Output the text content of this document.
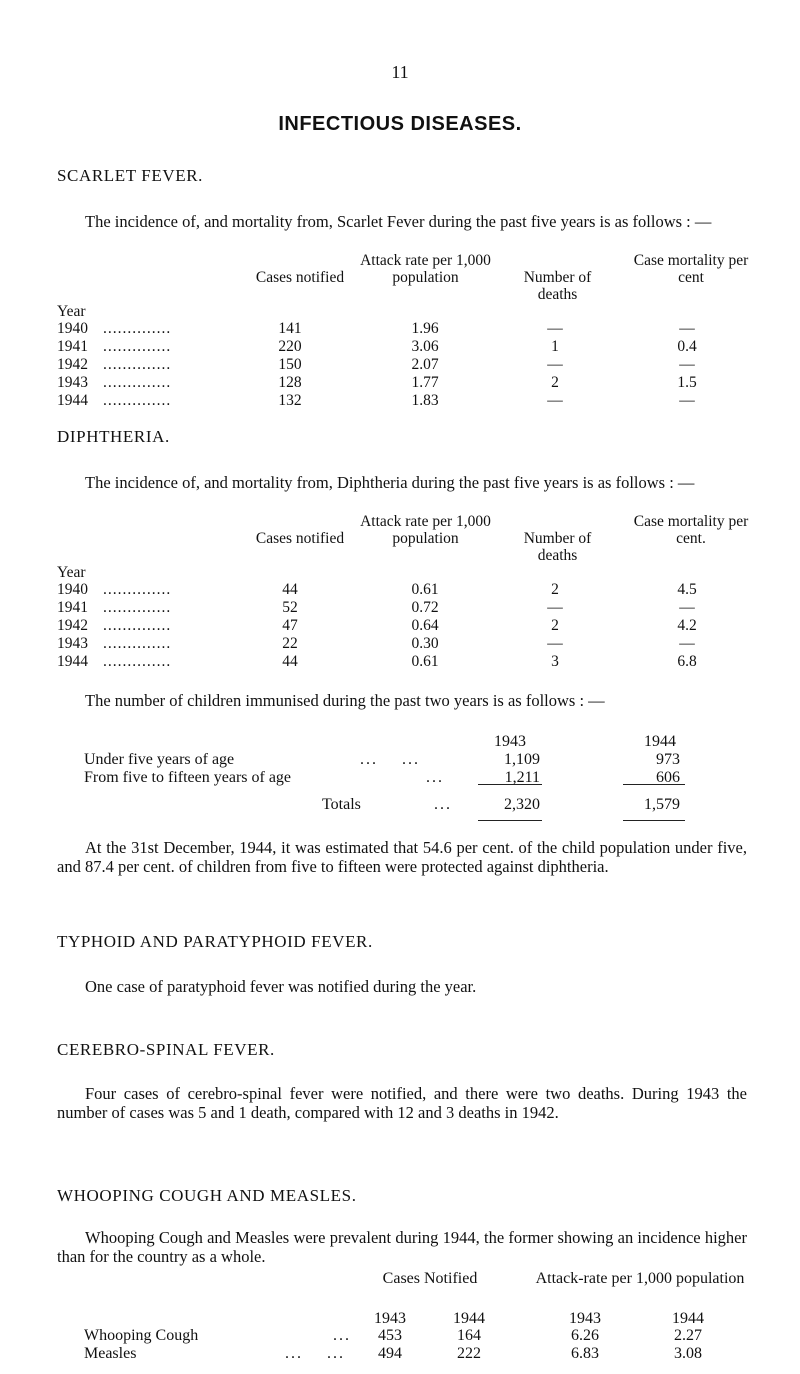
11
INFECTIOUS DISEASES.
SCARLET FEVER.
The incidence of, and mortality from, Scarlet Fever during the past five years is as follows : —
Year
Cases notified
Attack rate per 1,000 population	Number of deaths
Case mortality per cent
1940 ..............	141	1.96	—	—
1941 ..............	220	3.06	1	0.4
1942 ..............	150	2.07	—	—
1943 ..............	128	1.77	2	1.5
1944 ..............	132	1.83	—	—
DIPHTHERIA.
The incidence of, and mortality from, Diphtheria during the past five years is as follows : —
Year
Cases notified
Attack rate per 1,000 population	Number of deaths
Case mortality per cent.
1940 ..............	44	0.61	2	4.5
1941 ..............	52	0.72	—	—
1942 ..............	47	0.64	2	4.2
1943 ..............	22	0.30	—	—
1944 ..............	44	0.61	3	6.8
The number of children immunised during the past two years is as follows : —
1943	1944
Under five years of age	...    ...	1,109	973
From five to fifteen years of age	...	1,211	606
Totals	...	2,320	1,579
At the 31st December, 1944, it was estimated that 54.6 per cent. of the child population under five, and 87.4 per cent. of children from five to fifteen were protected against diphtheria.
TYPHOID AND PARATYPHOID FEVER.
One case of paratyphoid fever was notified during the year.
CEREBRO-SPINAL FEVER.
Four cases of cerebro-spinal fever were notified, and there were two deaths. During 1943 the number of cases was 5 and 1 death, compared with 12 and 3 deaths in 1942.
WHOOPING COUGH AND MEASLES.
Whooping Cough and Measles were prevalent during 1944, the former showing an incidence higher than for the country as a whole.
Cases Notified	Attack-rate per 1,000 population
1943	1944	1943	1944
Whooping Cough	...	453	164	6.26	2.27
Measles	...    ...	494	222	6.83	3.08
